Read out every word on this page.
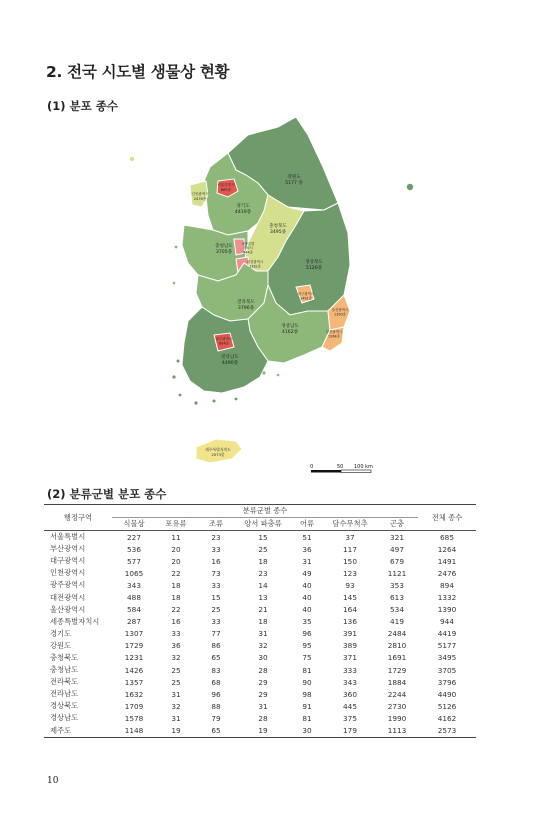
2. 전국 시도별 생물상 현황
(1) 분포 종수
강원도 5177 종
서울특별시 685종
인천광역시 2476종
경기도 4419종
충청북도 3495종
충청남도 3705종
세종특별 자치시 944종
대전광역시 1332종
경상북도 5126종
대구광역시 1491종
전라북도 3796종	울산광역시 1390종
부산광역시 1264종
경상남도 4162종
광주광역시 894종
전라남도 4490종
제주특별자치도 2573종
0	50 100 km
(2) 분류군별 분포 종수
행정구역	분류군별 종수							전체 종수
	식물상	포유류	조류	양서 파충류	어류	담수무척추	곤충	
서울특별시	227	11	23	15	51	37	321	685
부산광역시	536	20	33	25	36	117	497	1264
대구광역시	577	20	16	18	31	150	679	1491
인천광역시	1065	22	73	23	49	123	1121	2476
광주광역시	343	18	33	14	40	93	353	894
대전광역시	488	18	15	13	40	145	613	1332
울산광역시	584	22	25	21	40	164	534	1390
세종특별자치시	287	16	33	18	35	136	419	944
경기도	1307	33	77	31	96	391	2484	4419
강원도	1729	36	86	32	95	389	2810	5177
충청북도	1231	32	65	30	75	371	1691	3495
충청남도	1426	25	83	28	81	333	1729	3705
전라북도	1357	25	68	29	90	343	1884	3796
전라남도	1632	31	96	29	98	360	2244	4490
경상북도	1709	32	88	31	91	445	2730	5126
경상남도	1578	31	79	28	81	375	1990	4162
제주도	1148	19	65	19	30	179	1113	2573
10
